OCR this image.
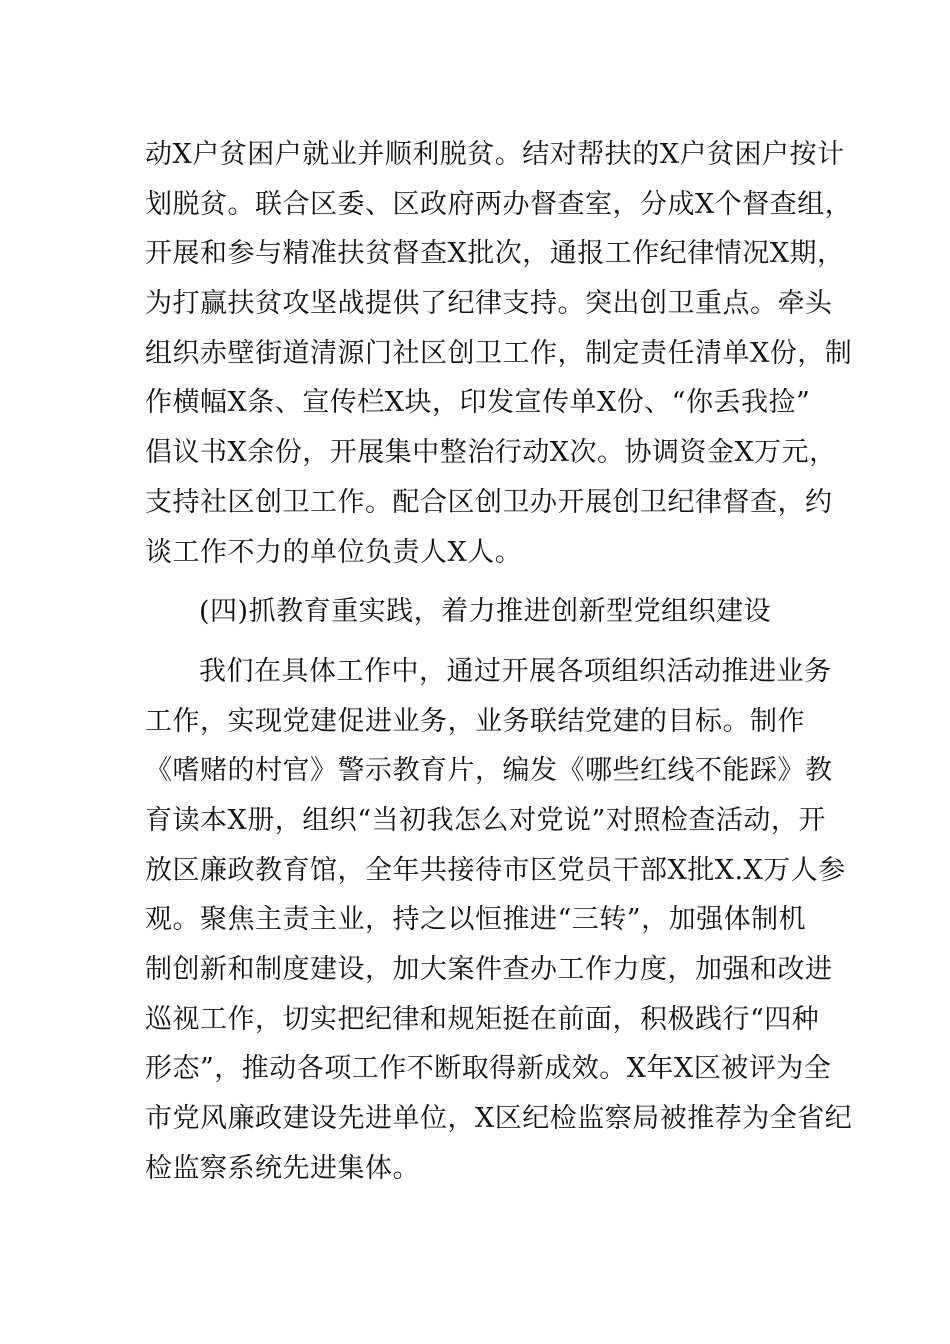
动X户贫困户就业并顺利脱贫。结对帮扶的X户贫困户按计
划脱贫。联合区委、区政府两办督查室，分成X个督查组，
开展和参与精准扶贫督查X批次，通报工作纪律情况X期，
为打赢扶贫攻坚战提供了纪律支持。突出创卫重点。牵头
组织赤壁街道清源门社区创卫工作，制定责任清单X份，制
作横幅X条、宣传栏X块，印发宣传单X份、“你丢我捡”
倡议书X余份，开展集中整治行动X次。协调资金X万元，
支持社区创卫工作。配合区创卫办开展创卫纪律督查，约
谈工作不力的单位负责人X人。
(四)抓教育重实践，着力推进创新型党组织建设
我们在具体工作中，通过开展各项组织活动推进业务
工作，实现党建促进业务，业务联结党建的目标。制作
《嗜赌的村官》警示教育片，编发《哪些红线不能踩》教
育读本X册，组织“当初我怎么对党说”对照检查活动，开
放区廉政教育馆，全年共接待市区党员干部X批X.X万人参
观。聚焦主责主业，持之以恒推进“三转”，加强体制机
制创新和制度建设，加大案件查办工作力度，加强和改进
巡视工作，切实把纪律和规矩挺在前面，积极践行“四种
形态”，推动各项工作不断取得新成效。X年X区被评为全
市党风廉政建设先进单位，X区纪检监察局被推荐为全省纪
检监察系统先进集体。
